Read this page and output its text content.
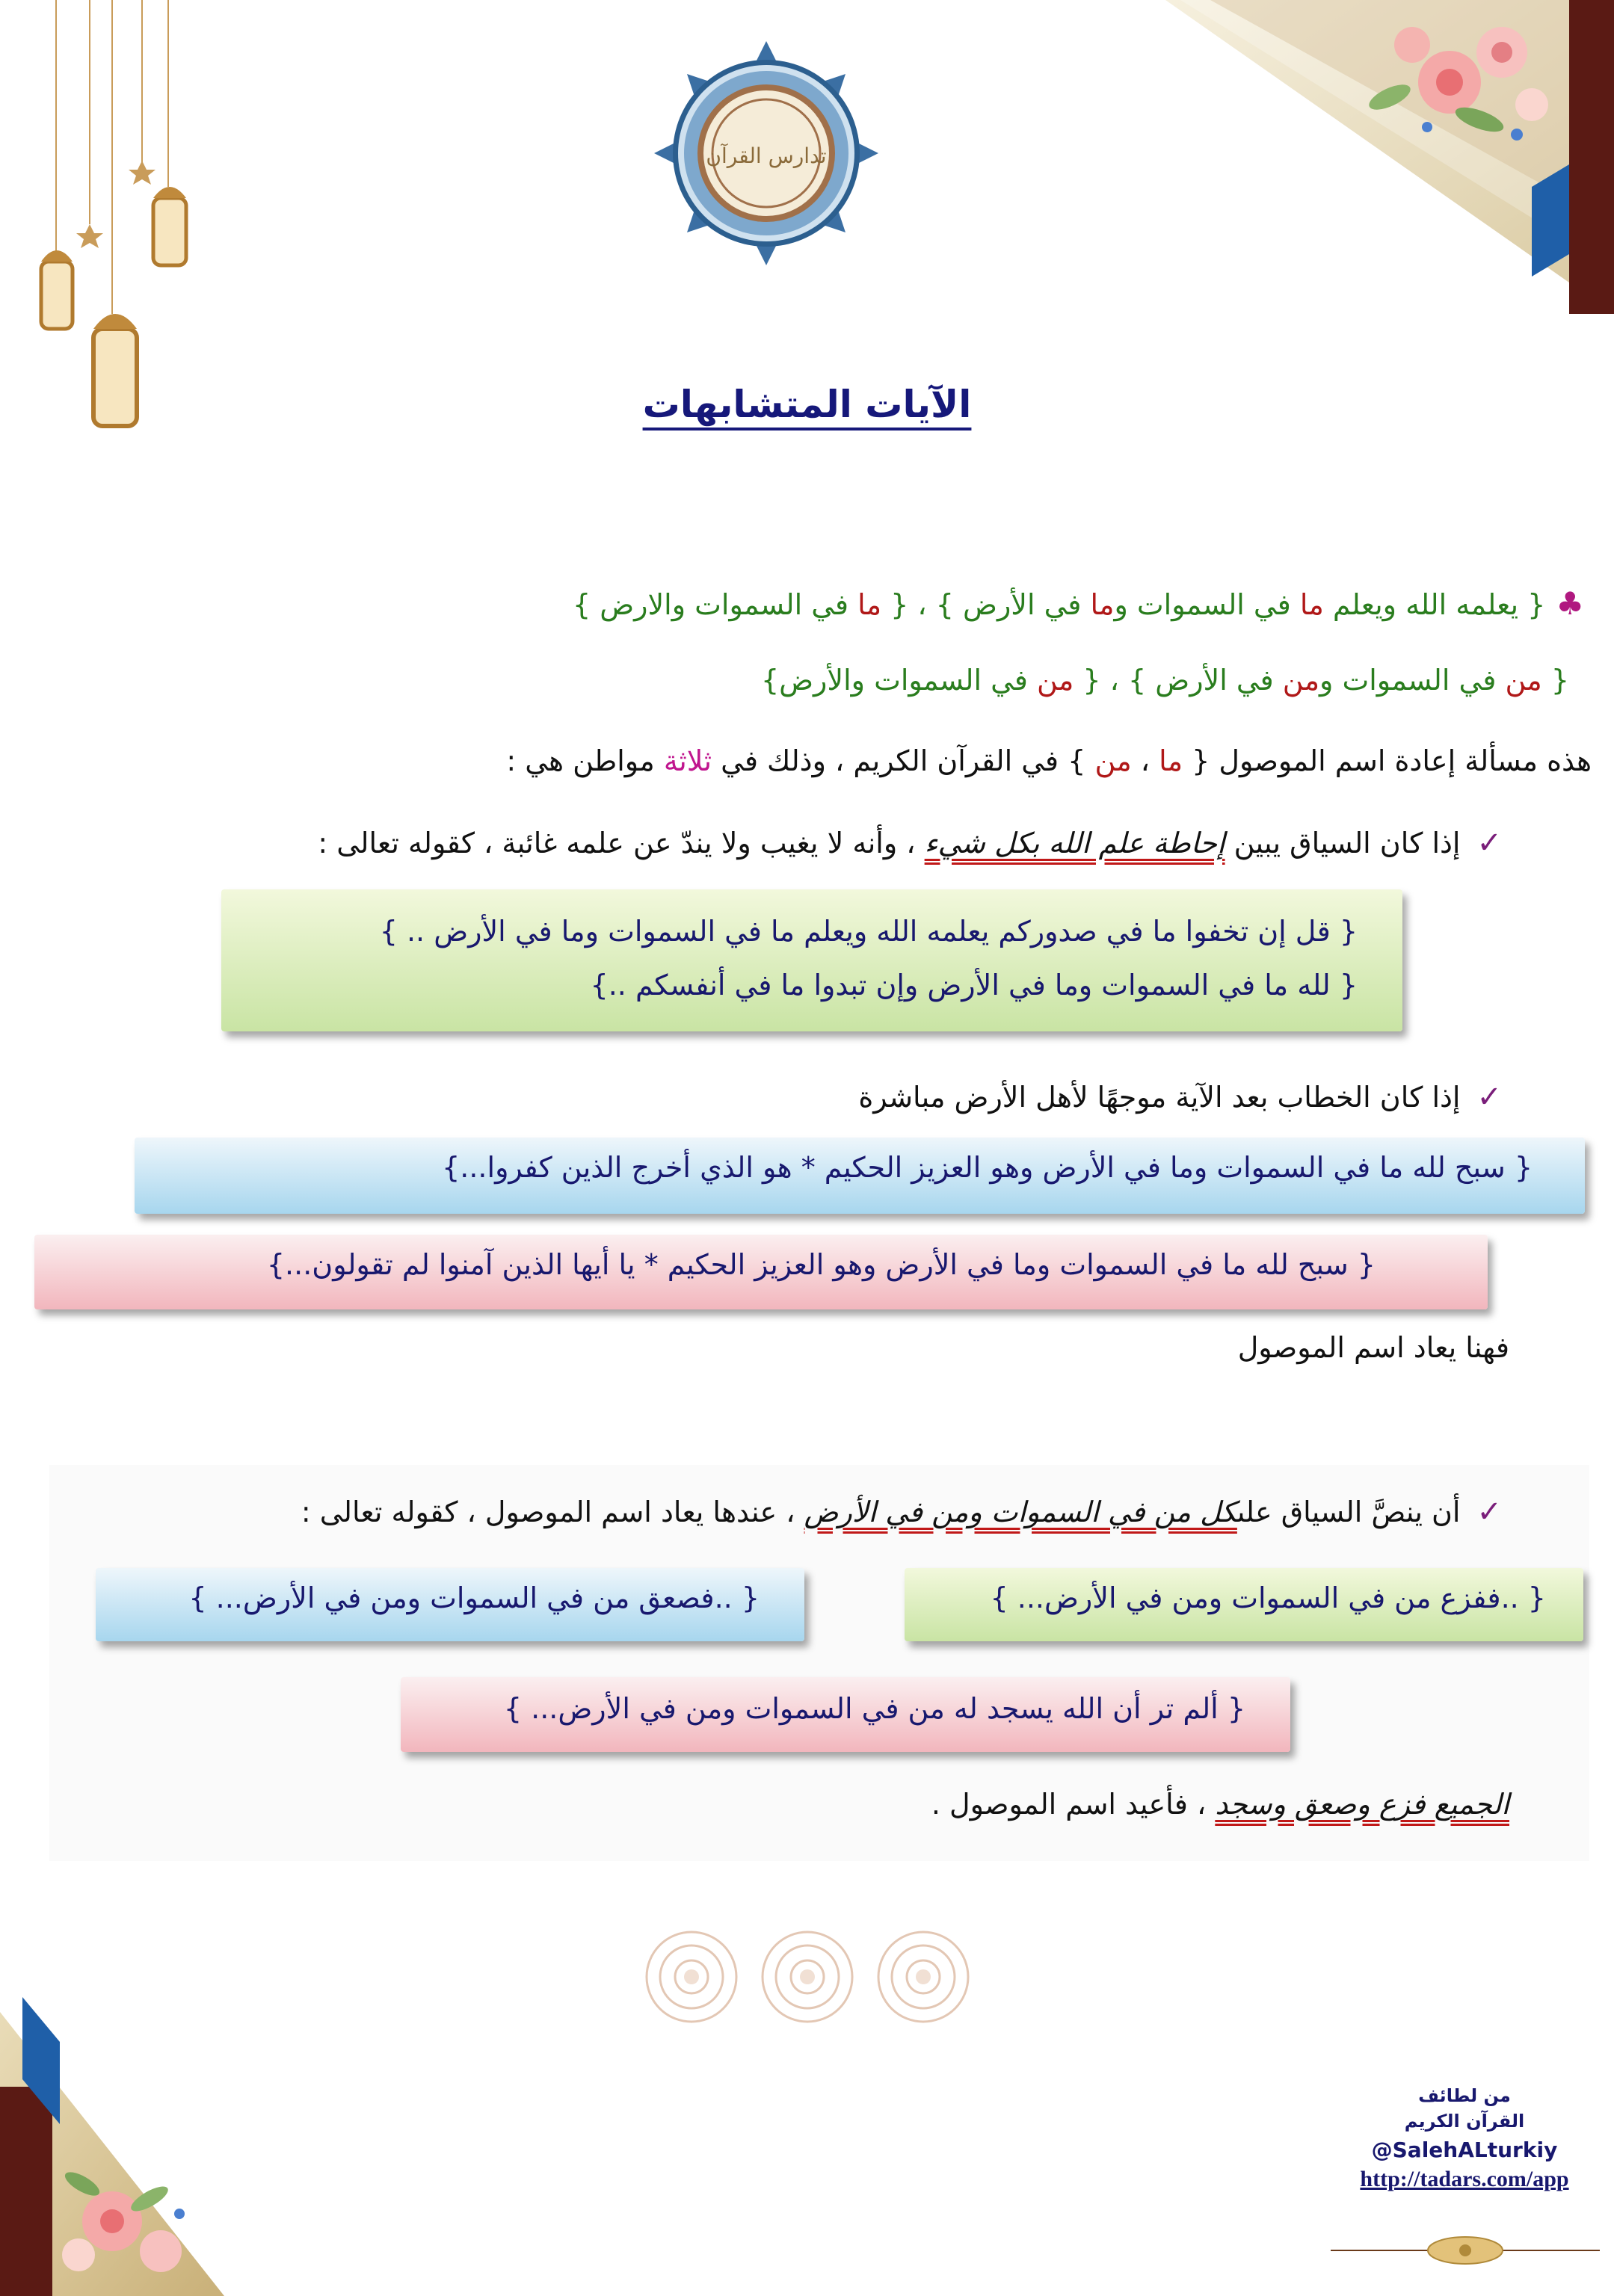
تدارس القرآن
الآيات المتشابهات
♣{ يعلمه الله ويعلم ما في السموات وما في الأرض } ، { ما في السموات والارض }
{ من في السموات ومن في الأرض } ، { من في السموات والأرض}
هذه مسألة إعادة اسم الموصول { ما ، من } في القرآن الكريم ، وذلك في ثلاثة مواطن هي :
✓إذا كان السياق يبين إحاطة علم الله بكل شيء ، وأنه لا يغيب ولا يندّ عن علمه غائبة ، كقوله تعالى :
{ قل إن تخفوا ما في صدوركم يعلمه الله ويعلم ما في السموات وما في الأرض .. }
{ لله ما في السموات وما في الأرض وإن تبدوا ما في أنفسكم ..}
✓إذا كان الخطاب بعد الآية موجهًا لأهل الأرض مباشرة
{ سبح لله ما في السموات وما في الأرض وهو العزيز الحكيم * هو الذي أخرج الذين كفروا...}
{ سبح لله ما في السموات وما في الأرض وهو العزيز الحكيم * يا أيها الذين آمنوا لم تقولون...}
فهنا يعاد اسم الموصول
✓أن ينصَّ السياق علىكل من في السموات ومن في الأرض ، عندها يعاد اسم الموصول ، كقوله تعالى :
{ ..ففزع من في السموات ومن في الأرض... }
{ ..فصعق من في السموات ومن في الأرض... }
{ ألم تر أن الله يسجد له من في السموات ومن في الأرض... }
الجميع فزع وصعق وسجد ، فأعيد اسم الموصول .
من لطائف
القرآن الكريم
@SalehALturkiy
http://tadars.com/app
